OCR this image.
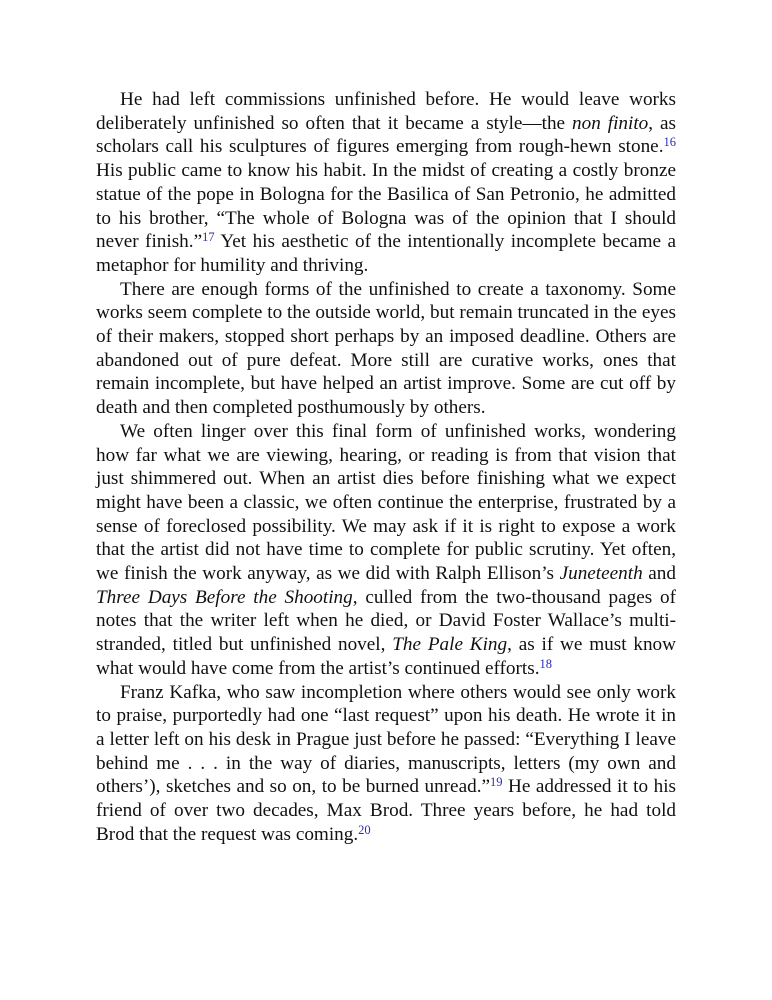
He had left commissions unfinished before. He would leave works deliberately unfinished so often that it became a style—the non finito, as scholars call his sculptures of figures emerging from rough-hewn stone.$^{16}$ His public came to know his habit. In the midst of creating a costly bronze statue of the pope in Bologna for the Basilica of San Petronio, he admitted to his brother, “The whole of Bologna was of the opinion that I should never finish.”$^{17}$ Yet his aesthetic of the intentionally incomplete became a metaphor for humility and thriving.

There are enough forms of the unfinished to create a taxonomy. Some works seem complete to the outside world, but remain truncated in the eyes of their makers, stopped short perhaps by an imposed deadline. Others are abandoned out of pure defeat. More still are curative works, ones that remain incomplete, but have helped an artist improve. Some are cut off by death and then completed posthumously by others.

We often linger over this final form of unfinished works, wondering how far what we are viewing, hearing, or reading is from that vision that just shimmered out. When an artist dies before finishing what we expect might have been a classic, we often continue the enterprise, frustrated by a sense of foreclosed possibility. We may ask if it is right to expose a work that the artist did not have time to complete for public scrutiny. Yet often, we finish the work anyway, as we did with Ralph Ellison’s Juneteenth and Three Days Before the Shooting, culled from the two-thousand pages of notes that the writer left when he died, or David Foster Wallace’s multi-stranded, titled but unfinished novel, The Pale King, as if we must know what would have come from the artist’s continued efforts.$^{18}$

Franz Kafka, who saw incompletion where others would see only work to praise, purportedly had one “last request” upon his death. He wrote it in a letter left on his desk in Prague just before he passed: “Everything I leave behind me . . . in the way of diaries, manuscripts, letters (my own and others’), sketches and so on, to be burned unread.”$^{19}$ He addressed it to his friend of over two decades, Max Brod. Three years before, he had told Brod that the request was coming.$^{20}$
